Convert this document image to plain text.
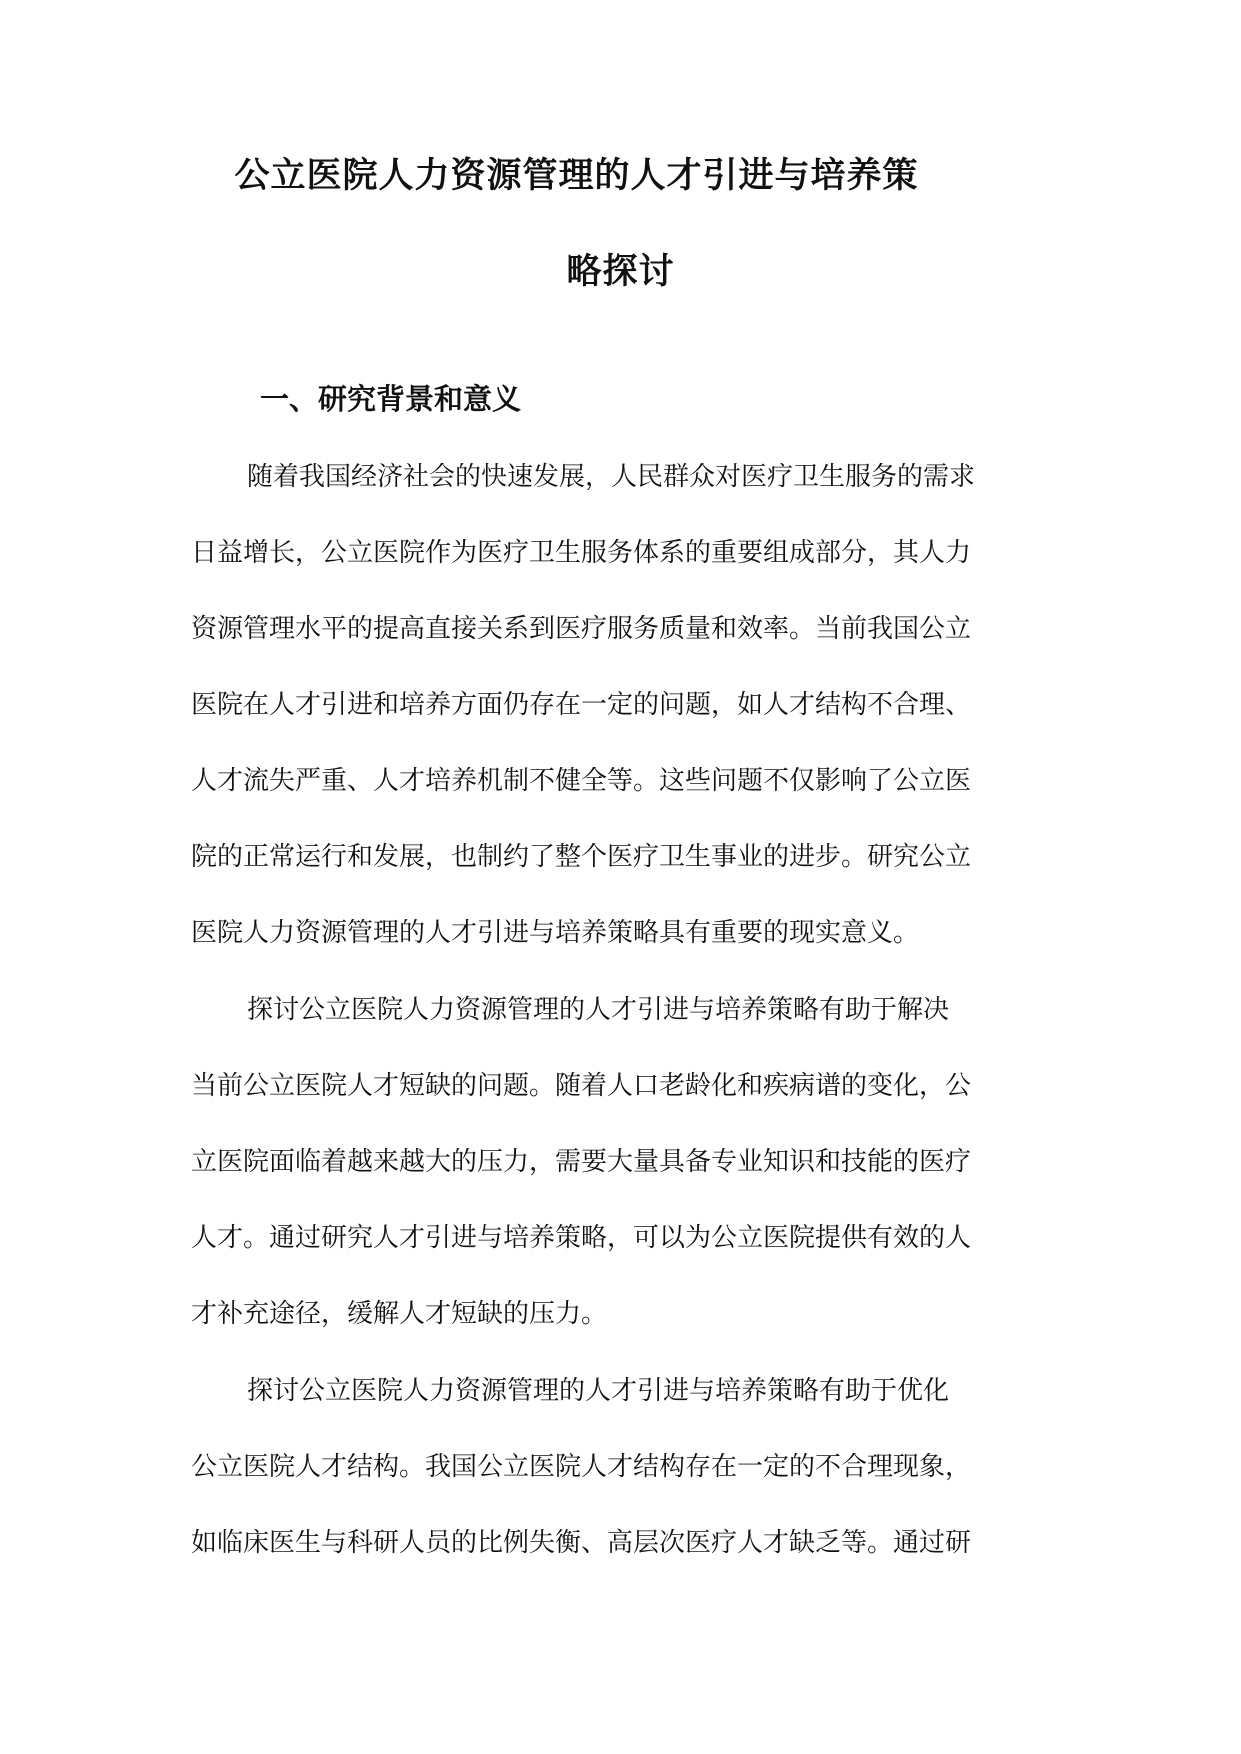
公立医院人力资源管理的人才引进与培养策
略探讨
一、研究背景和意义

随着我国经济社会的快速发展，人民群众对医疗卫生服务的需求

日益增长，公立医院作为医疗卫生服务体系的重要组成部分，其人力

资源管理水平的提高直接关系到医疗服务质量和效率。当前我国公立

医院在人才引进和培养方面仍存在一定的问题，如人才结构不合理、

人才流失严重、人才培养机制不健全等。这些问题不仅影响了公立医

院的正常运行和发展，也制约了整个医疗卫生事业的进步。研究公立

医院人力资源管理的人才引进与培养策略具有重要的现实意义。

探讨公立医院人力资源管理的人才引进与培养策略有助于解决

当前公立医院人才短缺的问题。随着人口老龄化和疾病谱的变化，公

立医院面临着越来越大的压力，需要大量具备专业知识和技能的医疗

人才。通过研究人才引进与培养策略，可以为公立医院提供有效的人

才补充途径，缓解人才短缺的压力。

探讨公立医院人力资源管理的人才引进与培养策略有助于优化

公立医院人才结构。我国公立医院人才结构存在一定的不合理现象，

如临床医生与科研人员的比例失衡、高层次医疗人才缺乏等。通过研
